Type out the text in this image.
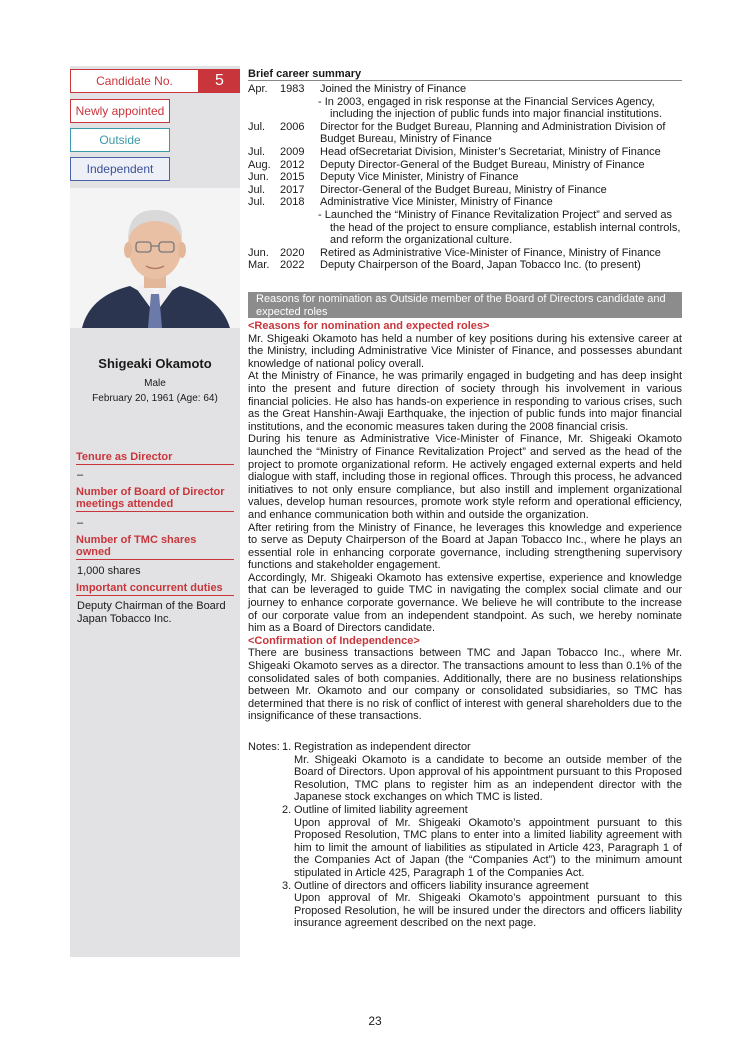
Candidate No.	5
Newly appointed
Outside
Independent
Shigeaki Okamoto
Male
February 20, 1961 (Age: 64)
Tenure as Director
–
Number of Board of Director meetings attended
–
Number of TMC shares owned
1,000 shares
Important concurrent duties
Deputy Chairman of the Board Japan Tobacco Inc.
Brief career summary
Apr.	1983	Joined the Ministry of Finance
- In 2003, engaged in risk response at the Financial Services Agency,
including the injection of public funds into major financial institutions.
Jul.	2006	Director for the Budget Bureau, Planning and Administration Division of Budget Bureau, Ministry of Finance
Jul.	2009	Head ofSecretariat Division, Minister’s Secretariat, Ministry of Finance
Aug. 2012	Deputy Director-General of the Budget Bureau, Ministry of Finance
Jun.	2015	Deputy Vice Minister, Ministry of Finance
Jul.	2017	Director-General of the Budget Bureau, Ministry of Finance
Jul.	2018	Administrative Vice Minister, Ministry of Finance
- Launched the “Ministry of Finance Revitalization Project” and served as
the head of the project to ensure compliance, establish internal controls, and reform the organizational culture.
Jun.	2020	Retired as Administrative Vice-Minister of Finance, Ministry of Finance
Mar. 2022	Deputy Chairperson of the Board, Japan Tobacco Inc. (to present)
Reasons for nomination as Outside member of the Board of Directors candidate and expected roles
<Reasons for nomination and expected roles>
Mr. Shigeaki Okamoto has held a number of key positions during his extensive career at the Ministry, including Administrative Vice Minister of Finance, and possesses abundant knowledge of national policy overall.
At the Ministry of Finance, he was primarily engaged in budgeting and has deep insight into the present and future direction of society through his involvement in various financial policies. He also has hands-on experience in responding to various crises, such as the Great Hanshin-Awaji Earthquake, the injection of public funds into major financial institutions, and the economic measures taken during the 2008 financial crisis.
During his tenure as Administrative Vice-Minister of Finance, Mr. Shigeaki Okamoto launched the “Ministry of Finance Revitalization Project” and served as the head of the project to promote organizational reform. He actively engaged external experts and held dialogue with staff, including those in regional offices. Through this process, he advanced initiatives to not only ensure compliance, but also instill and implement organizational values, develop human resources, promote work style reform and operational efficiency, and enhance communication both within and outside the organization.
After retiring from the Ministry of Finance, he leverages this knowledge and experience to serve as Deputy Chairperson of the Board at Japan Tobacco Inc., where he plays an essential role in enhancing corporate governance, including strengthening supervisory functions and stakeholder engagement.
Accordingly, Mr. Shigeaki Okamoto has extensive expertise, experience and knowledge that can be leveraged to guide TMC in navigating the complex social climate and our journey to enhance corporate governance. We believe he will contribute to the increase of our corporate value from an independent standpoint. As such, we hereby nominate him as a Board of Directors candidate.
<Confirmation of Independence>
There are business transactions between TMC and Japan Tobacco Inc., where Mr. Shigeaki Okamoto serves as a director. The transactions amount to less than 0.1% of the consolidated sales of both companies. Additionally, there are no business relationships between Mr. Okamoto and our company or consolidated subsidiaries, so TMC has determined that there is no risk of conflict of interest with general shareholders due to the insignificance of these transactions.
Notes: 1. Registration as independent director
Mr. Shigeaki Okamoto is a candidate to become an outside member of the Board of Directors. Upon approval of his appointment pursuant to this Proposed Resolution, TMC plans to register him as an independent director with the Japanese stock exchanges on which TMC is listed.
2. Outline of limited liability agreement
Upon approval of Mr. Shigeaki Okamoto’s appointment pursuant to this Proposed Resolution, TMC plans to enter into a limited liability agreement with him to limit the amount of liabilities as stipulated in Article 423, Paragraph 1 of the Companies Act of Japan (the “Companies Act”) to the minimum amount stipulated in Article 425, Paragraph 1 of the Companies Act.
3. Outline of directors and officers liability insurance agreement
Upon approval of Mr. Shigeaki Okamoto’s appointment pursuant to this Proposed Resolution, he will be insured under the directors and officers liability insurance agreement described on the next page.
23
